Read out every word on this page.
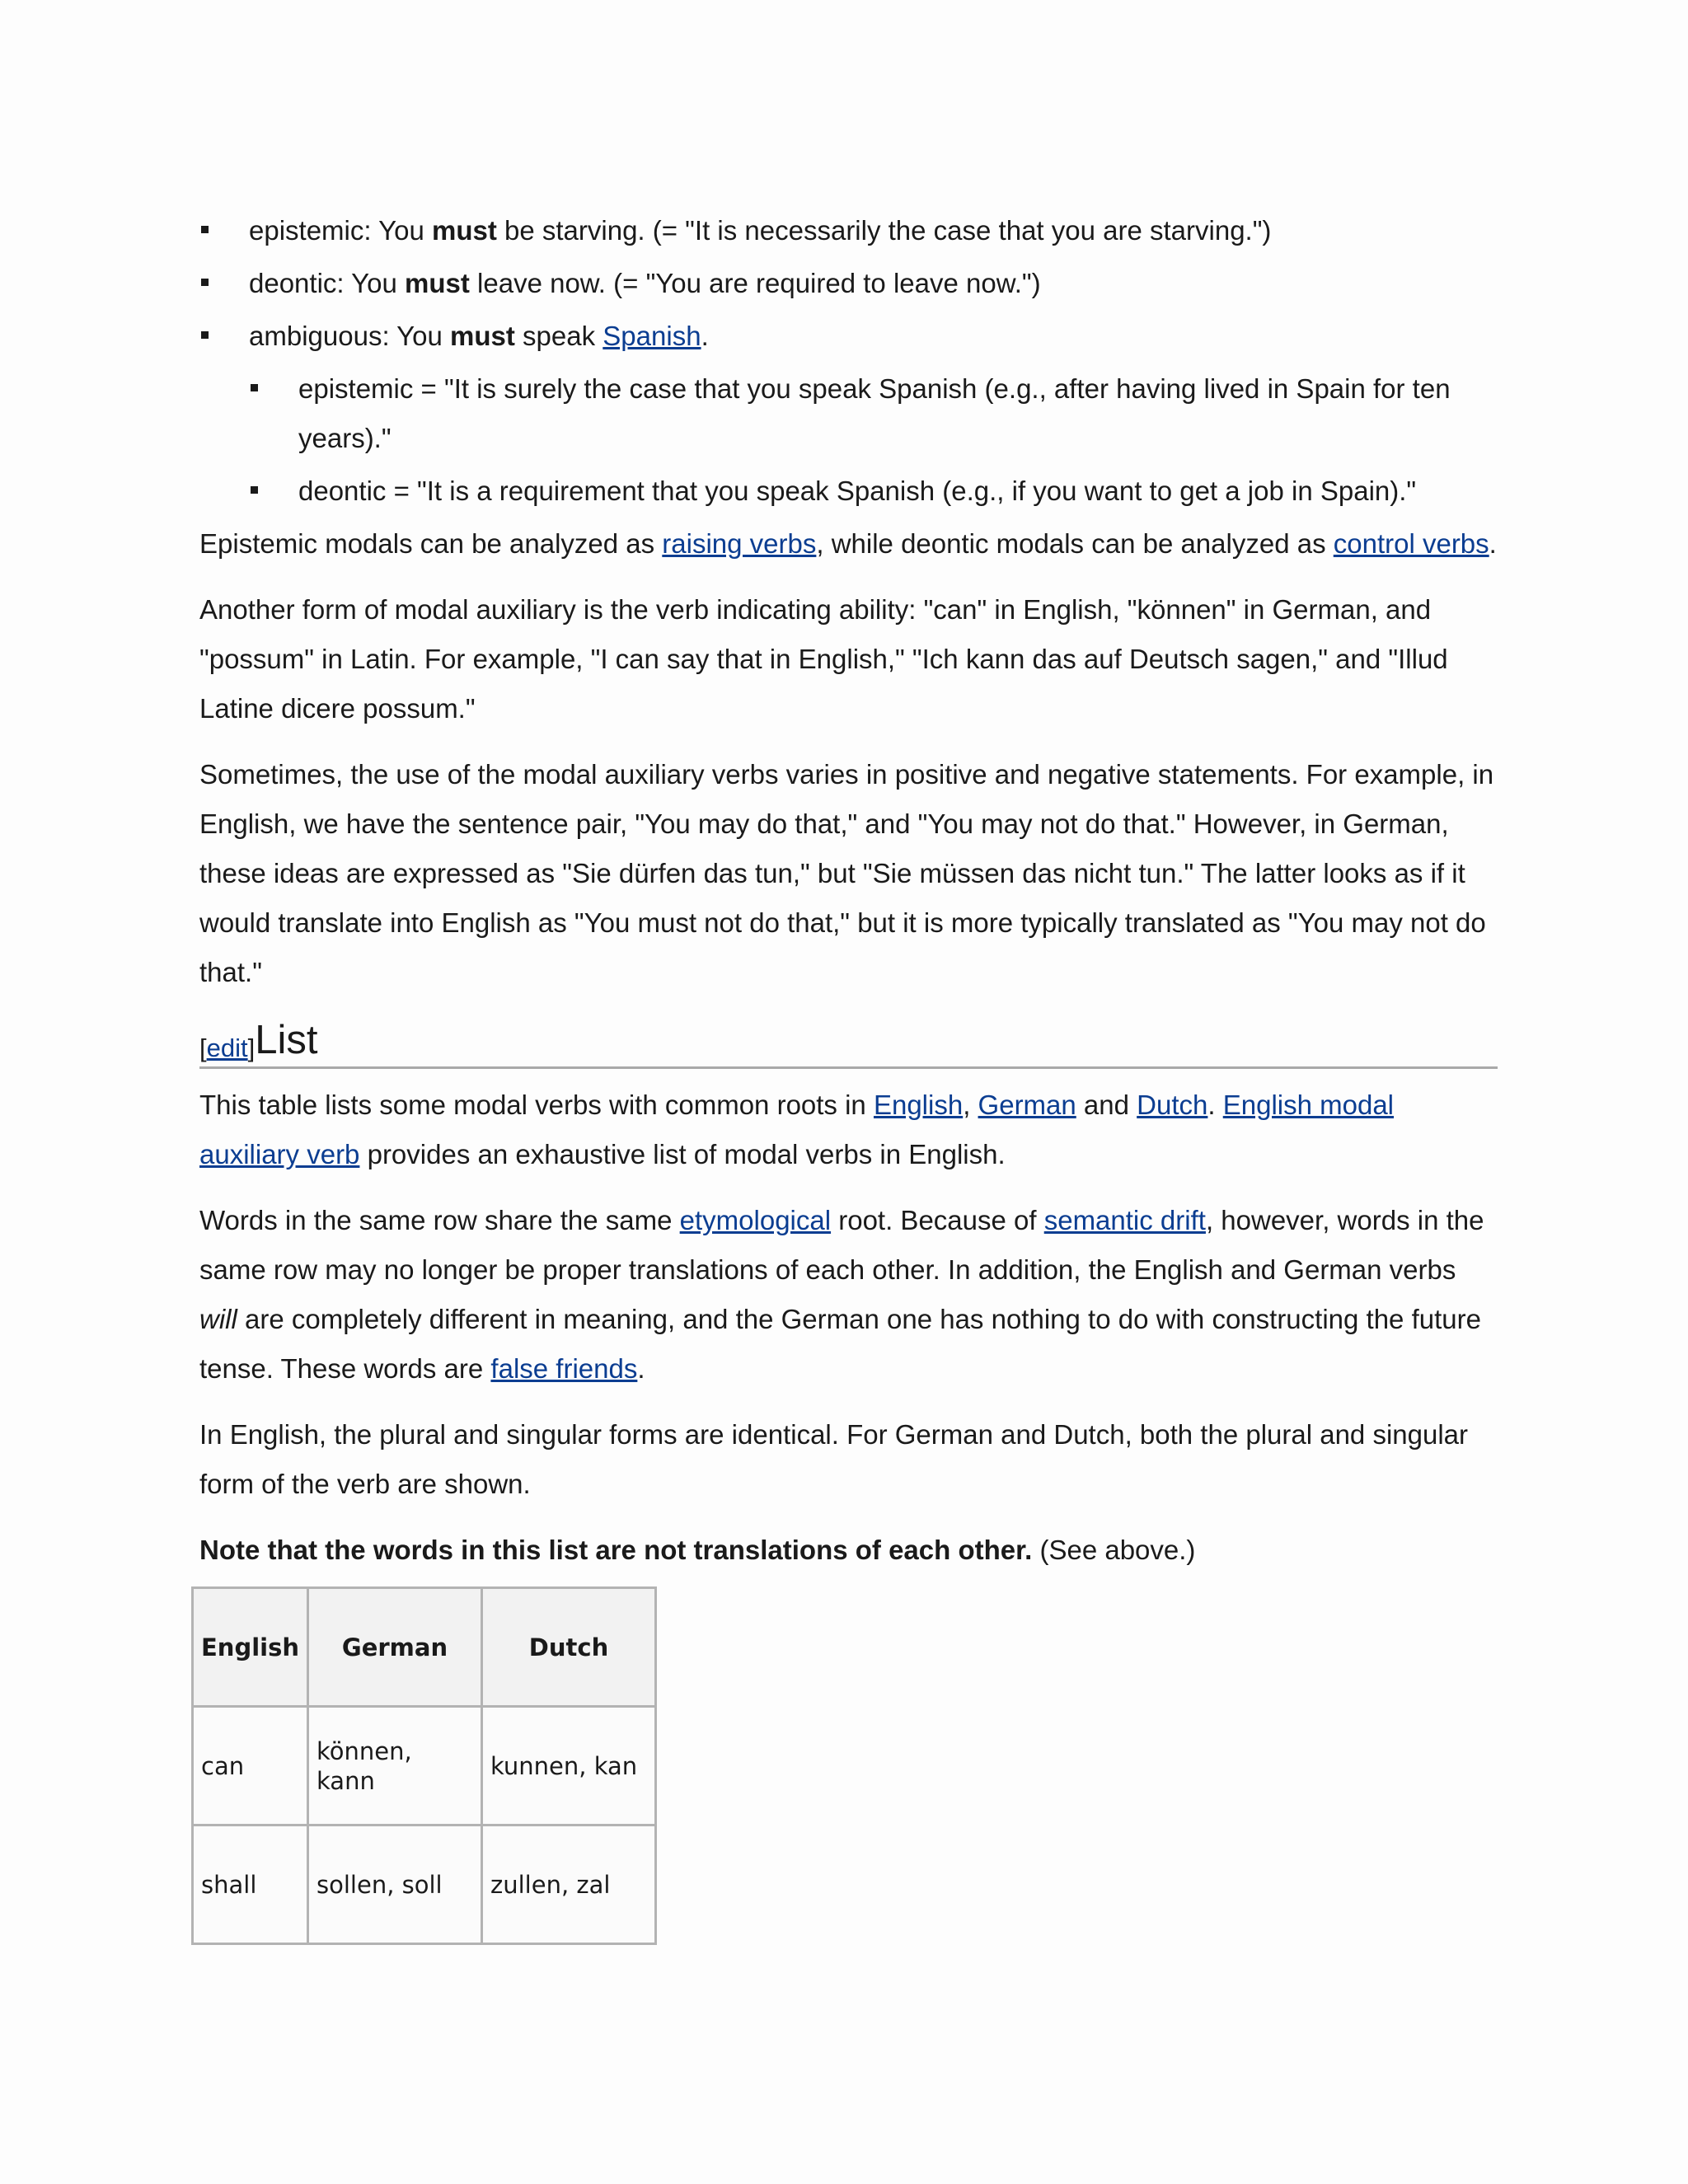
epistemic: You must be starving. (= "It is necessarily the case that you are starving.")
deontic: You must leave now. (= "You are required to leave now.")
ambiguous: You must speak Spanish.
epistemic = "It is surely the case that you speak Spanish (e.g., after having lived in Spain for ten years)."
deontic = "It is a requirement that you speak Spanish (e.g., if you want to get a job in Spain)."

Epistemic modals can be analyzed as raising verbs, while deontic modals can be analyzed as control verbs.

Another form of modal auxiliary is the verb indicating ability: "can" in English, "können" in German, and "possum" in Latin. For example, "I can say that in English," "Ich kann das auf Deutsch sagen," and "Illud Latine dicere possum."

Sometimes, the use of the modal auxiliary verbs varies in positive and negative statements. For example, in English, we have the sentence pair, "You may do that," and "You may not do that." However, in German, these ideas are expressed as "Sie dürfen das tun," but "Sie müssen das nicht tun." The latter looks as if it would translate into English as "You must not do that," but it is more typically translated as "You may not do that."

[edit] List

This table lists some modal verbs with common roots in English, German and Dutch. English modal auxiliary verb provides an exhaustive list of modal verbs in English.

Words in the same row share the same etymological root. Because of semantic drift, however, words in the same row may no longer be proper translations of each other. In addition, the English and German verbs will are completely different in meaning, and the German one has nothing to do with constructing the future tense. These words are false friends.

In English, the plural and singular forms are identical. For German and Dutch, both the plural and singular form of the verb are shown.

Note that the words in this list are not translations of each other. (See above.)

English	German	Dutch
can	können, kann	kunnen, kan
shall	sollen, soll	zullen, zal
